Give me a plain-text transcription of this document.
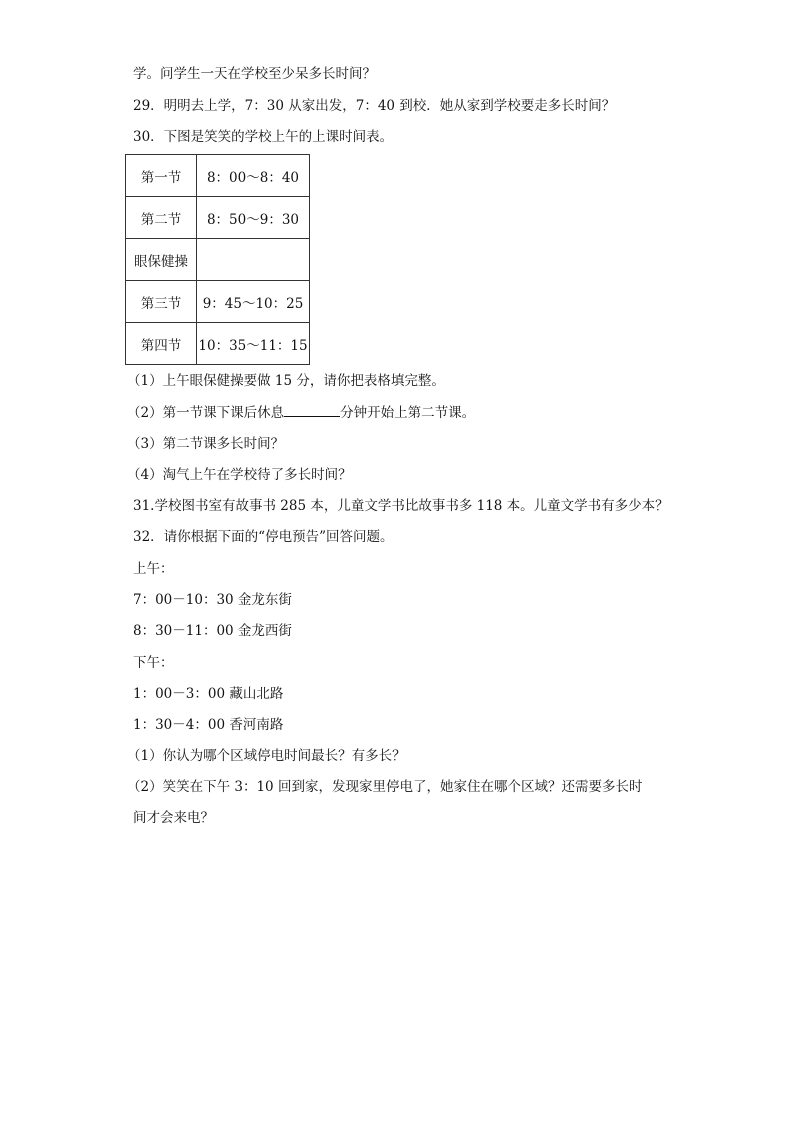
学。问学生一天在学校至少呆多长时间？
29．明明去上学，7：30 从家出发，7：40 到校．她从家到学校要走多长时间？
30．下图是笑笑的学校上午的上课时间表。
第一节	8：00～8：40
第二节	8：50～9：30
眼保健操	
第三节	9：45～10：25
第四节	10：35～11：15
（1）上午眼保健操要做 15 分，请你把表格填完整。
（2）第一节课下课后休息	分钟开始上第二节课。
（3）第二节课多长时间？
（4）淘气上午在学校待了多长时间？
31.学校图书室有故事书 285 本，儿童文学书比故事书多 118 本。儿童文学书有多少本？
32．请你根据下面的“停电预告”回答问题。
上午：
7：00－10：30 金龙东街
8：30－11：00 金龙西街
下午：
1：00－3：00 藏山北路
1：30－4：00 香河南路
（1）你认为哪个区域停电时间最长？有多长？
（2）笑笑在下午 3：10 回到家，发现家里停电了，她家住在哪个区域？还需要多长时
间才会来电？
